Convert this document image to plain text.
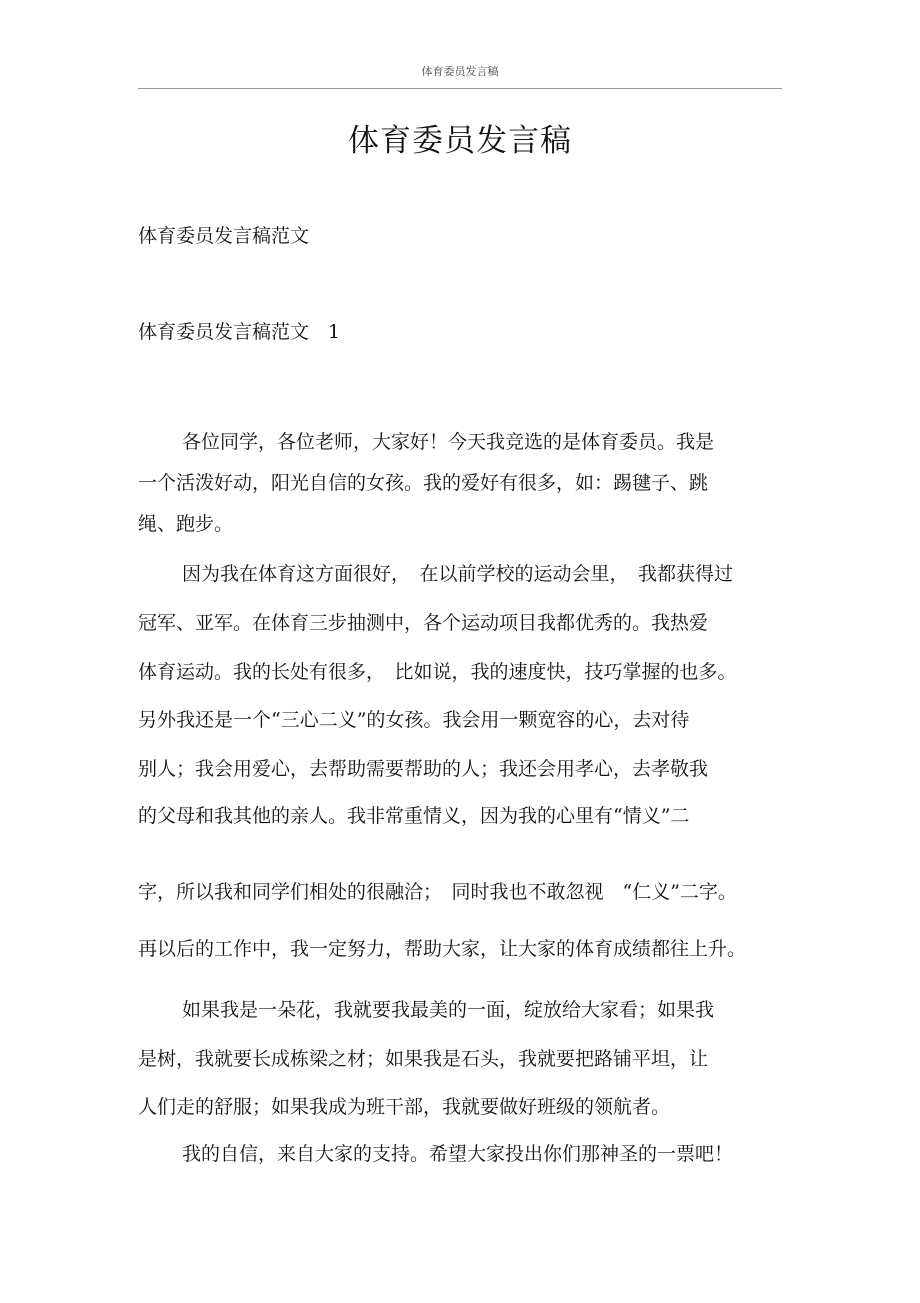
体育委员发言稿
体育委员发言稿
体育委员发言稿范文
体育委员发言稿范文　1
各位同学，各位老师，大家好！今天我竞选的是体育委员。我是
一个活泼好动，阳光自信的女孩。我的爱好有很多，如：踢毽子、跳
绳、跑步。
因为我在体育这方面很好，　在以前学校的运动会里，　我都获得过
冠军、亚军。在体育三步抽测中，各个运动项目我都优秀的。我热爱
体育运动。我的长处有很多，　比如说，我的速度快，技巧掌握的也多。
另外我还是一个“三心二义”的女孩。我会用一颗宽容的心，去对待
别人；我会用爱心，去帮助需要帮助的人；我还会用孝心，去孝敬我
的父母和我其他的亲人。我非常重情义，因为我的心里有“情义”二
字，所以我和同学们相处的很融洽；　同时我也不敢忽视　“仁义”二字。
再以后的工作中，我一定努力，帮助大家，让大家的体育成绩都往上升。
如果我是一朵花，我就要我最美的一面，绽放给大家看；如果我
是树，我就要长成栋梁之材；如果我是石头，我就要把路铺平坦，让
人们走的舒服；如果我成为班干部，我就要做好班级的领航者。
我的自信，来自大家的支持。希望大家投出你们那神圣的一票吧！
